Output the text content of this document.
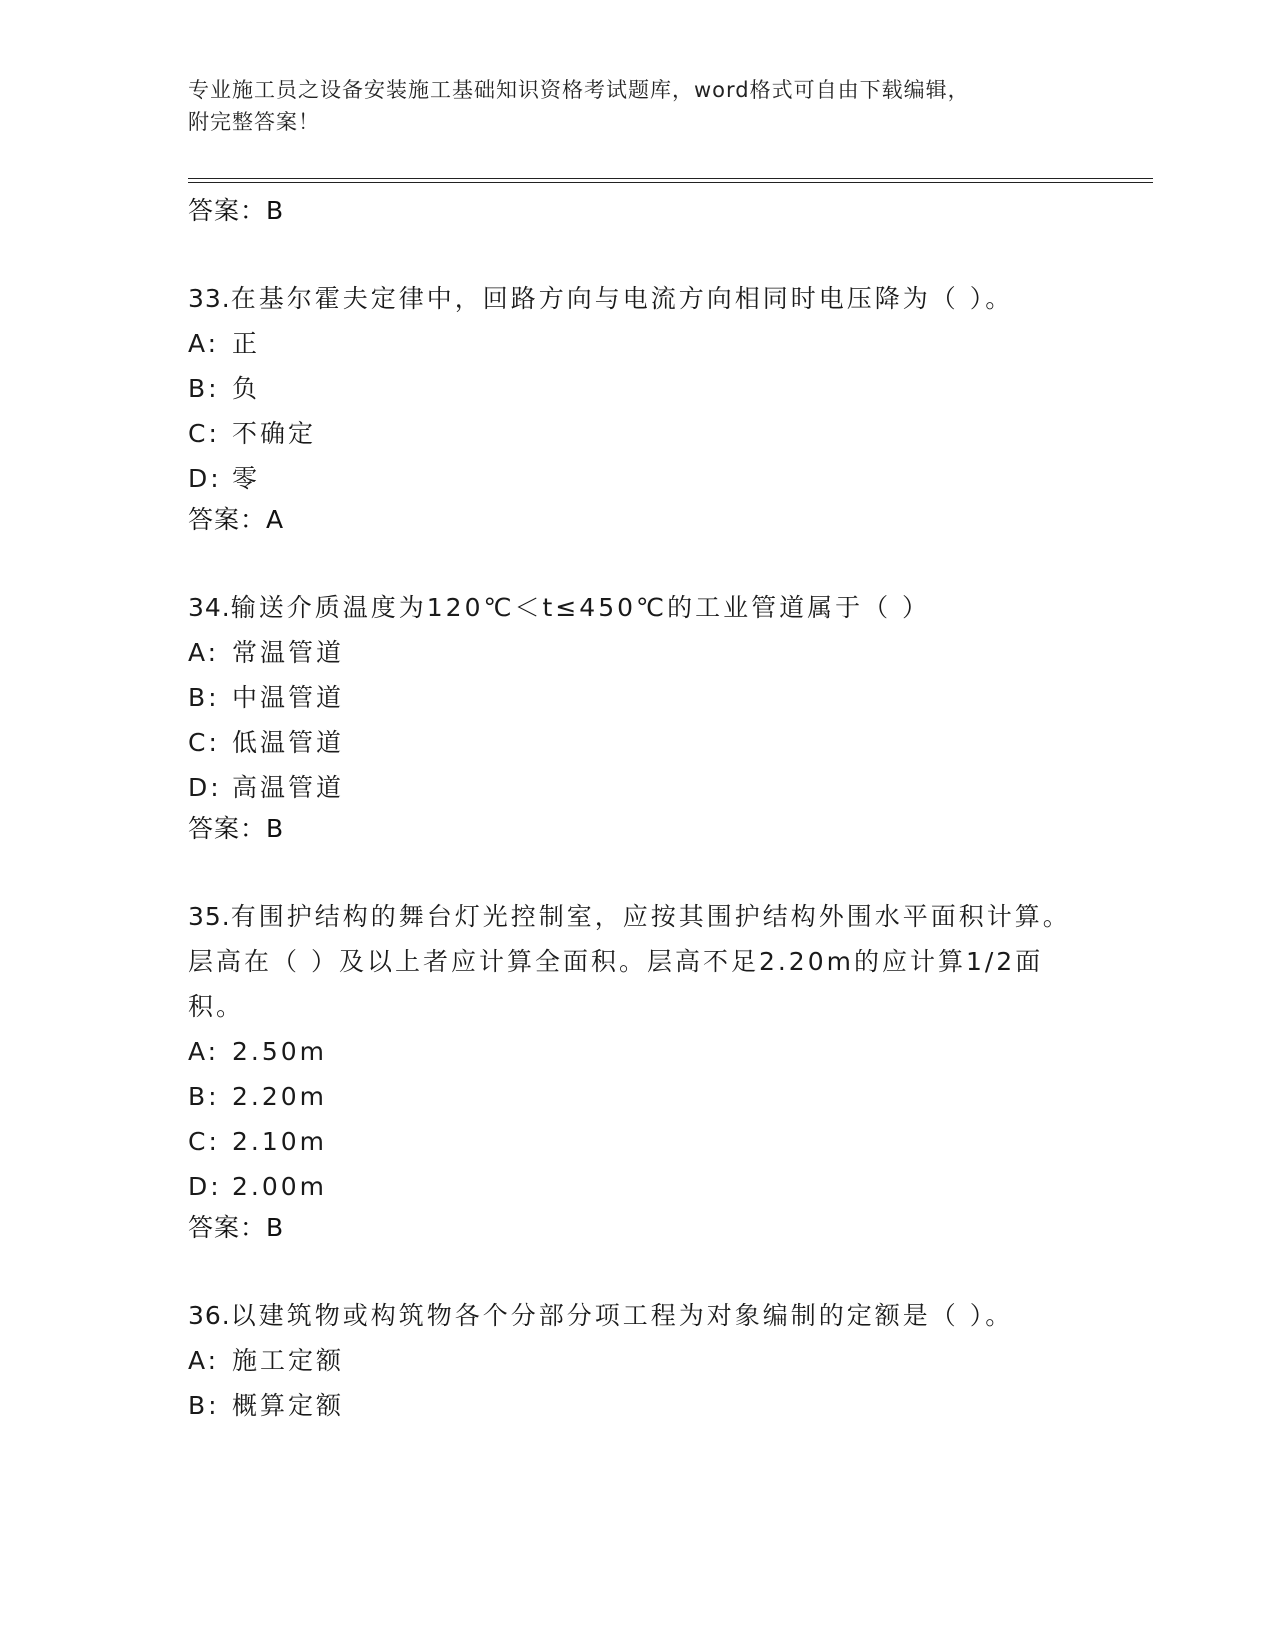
专业施工员之设备安装施工基础知识资格考试题库，word格式可自由下载编辑，
附完整答案！

答案：B

33.在基尔霍夫定律中，回路方向与电流方向相同时电压降为（ ）。

A: 正

B: 负

C: 不确定

D: 零

答案：A

34.输送介质温度为120℃＜t≤450℃的工业管道属于（ ）

A: 常温管道

B: 中温管道

C: 低温管道

D: 高温管道

答案：B

35.有围护结构的舞台灯光控制室，应按其围护结构外围水平面积计算。层高在（ ）及以上者应计算全面积。层高不足2.20m的应计算1/2面积。

A: 2.50m

B: 2.20m

C: 2.10m

D: 2.00m

答案：B

36.以建筑物或构筑物各个分部分项工程为对象编制的定额是（ ）。

A: 施工定额

B: 概算定额
